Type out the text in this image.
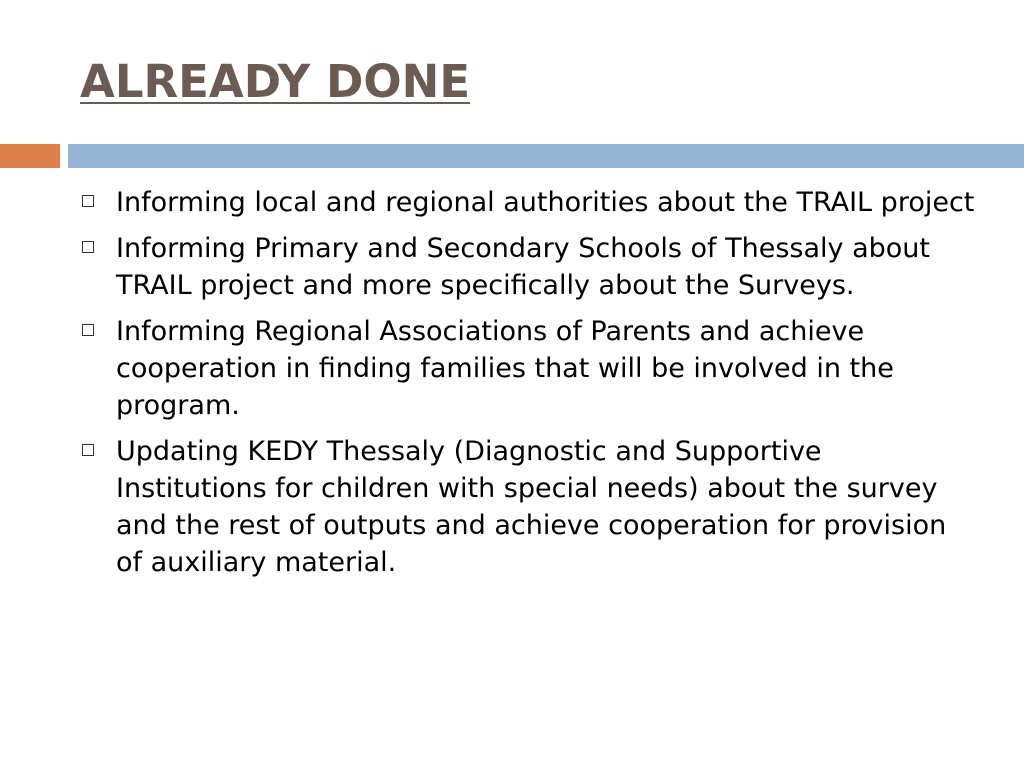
ALREADY DONE
Informing local and regional authorities about the TRAIL project
Informing Primary and Secondary Schools of Thessaly about TRAIL project and more specifically about the Surveys.
Informing Regional Associations of Parents and achieve cooperation in finding families that will be involved in the program.
Updating KEDY Thessaly (Diagnostic and Supportive Institutions for children with special needs) about the survey and the rest of outputs and achieve cooperation for provision of auxiliary material.
